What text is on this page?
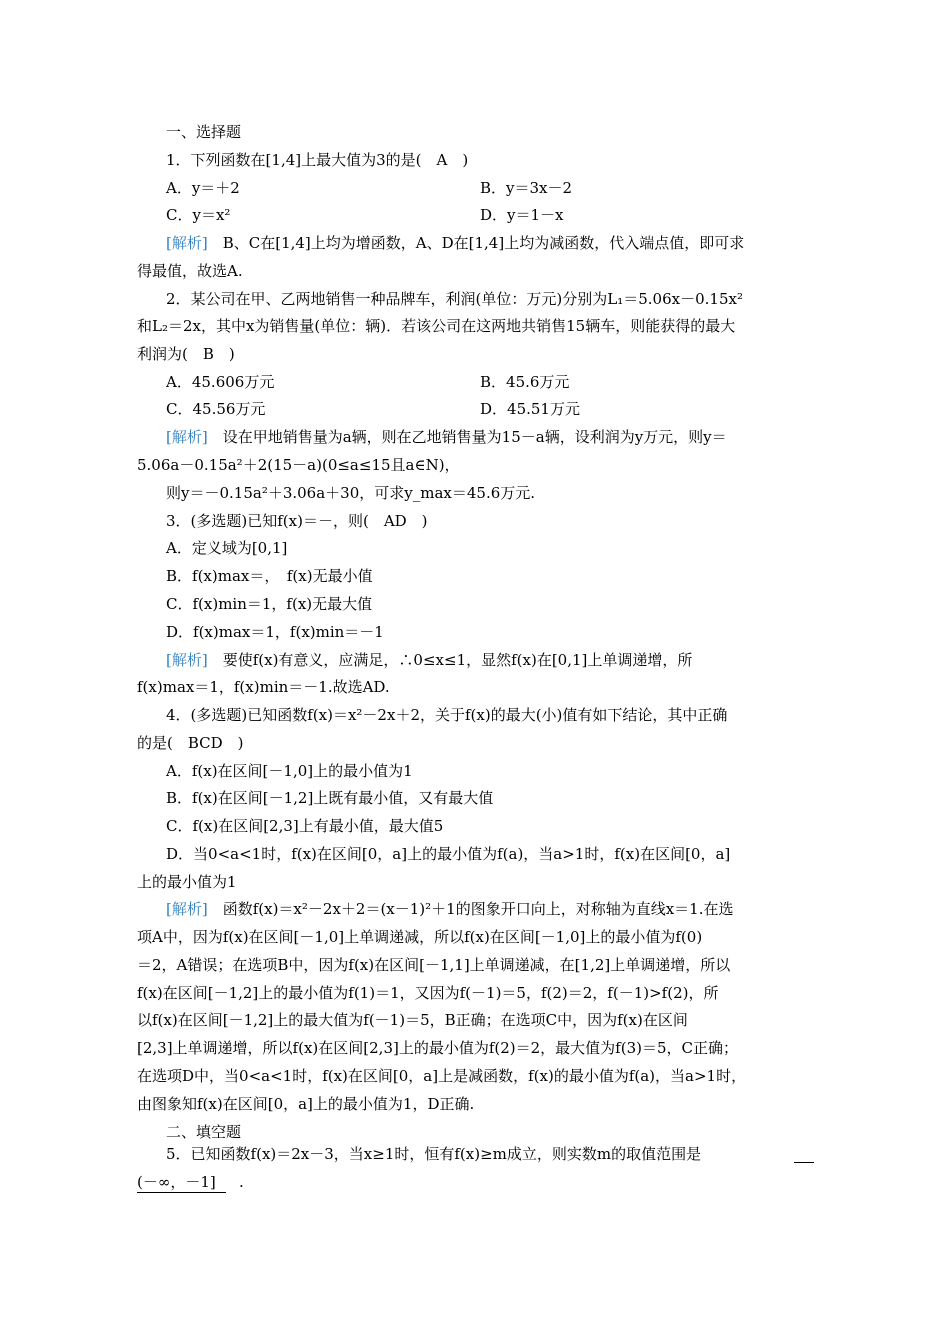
一、选择题
1．下列函数在[1,4]上最大值为3的是(　A　)
A．y＝＋2	B．y＝3x－2
C．y＝x²	D．y＝1－x
[解析]　B、C在[1,4]上均为增函数，A、D在[1,4]上均为减函数，代入端点值，即可求
得最值，故选A.
2．某公司在甲、乙两地销售一种品牌车，利润(单位：万元)分别为L₁＝5.06x－0.15x²
和L₂＝2x，其中x为销售量(单位：辆)．若该公司在这两地共销售15辆车，则能获得的最大
利润为(　B　)
A．45.606万元	B．45.6万元
C．45.56万元	D．45.51万元
[解析]　设在甲地销售量为a辆，则在乙地销售量为15－a辆，设利润为y万元，则y＝
5.06a－0.15a²＋2(15－a)(0≤a≤15且a∈N)，
则y＝－0.15a²＋3.06a＋30，可求y_max＝45.6万元.
3．(多选题)已知f(x)＝－，则(　AD　)
A．定义域为[0,1]
B．f(x)max＝，　f(x)无最小值
C．f(x)min＝1，f(x)无最大值
D．f(x)max＝1，f(x)min＝－1
[解析]　要使f(x)有意义，应满足，∴0≤x≤1，显然f(x)在[0,1]上单调递增，所
f(x)max＝1，f(x)min＝－1.故选AD.
4．(多选题)已知函数f(x)＝x²－2x＋2，关于f(x)的最大(小)值有如下结论，其中正确
的是(　BCD　)
A．f(x)在区间[－1,0]上的最小值为1
B．f(x)在区间[－1,2]上既有最小值，又有最大值
C．f(x)在区间[2,3]上有最小值，最大值5
D．当0<a<1时，f(x)在区间[0，a]上的最小值为f(a)，当a>1时，f(x)在区间[0，a]
上的最小值为1
[解析]　函数f(x)＝x²－2x＋2＝(x－1)²＋1的图象开口向上，对称轴为直线x＝1.在选
项A中，因为f(x)在区间[－1,0]上单调递减，所以f(x)在区间[－1,0]上的最小值为f(0)
＝2，A错误；在选项B中，因为f(x)在区间[－1,1]上单调递减，在[1,2]上单调递增，所以
f(x)在区间[－1,2]上的最小值为f(1)＝1，又因为f(－1)＝5，f(2)＝2，f(－1)>f(2)，所
以f(x)在区间[－1,2]上的最大值为f(－1)＝5，B正确；在选项C中，因为f(x)在区间
[2,3]上单调递增，所以f(x)在区间[2,3]上的最小值为f(2)＝2，最大值为f(3)＝5，C正确；
在选项D中，当0<a<1时，f(x)在区间[0，a]上是减函数，f(x)的最小值为f(a)，当a>1时，
由图象知f(x)在区间[0，a]上的最小值为1，D正确.
二、填空题
5．已知函数f(x)＝2x－3，当x≥1时，恒有f(x)≥m成立，则实数m的取值范围是
(－∞，－1]	.
